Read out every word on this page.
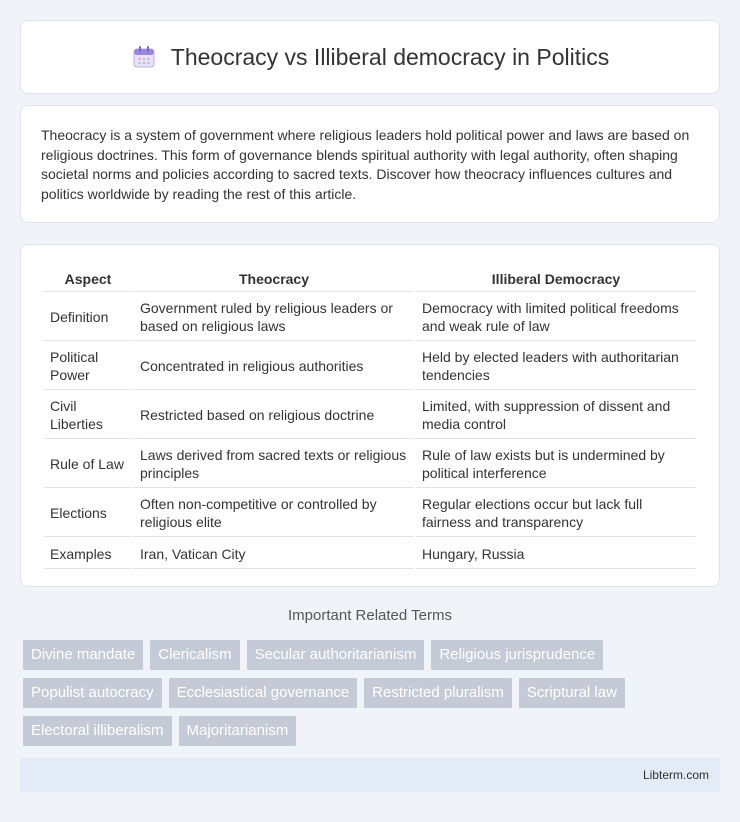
Theocracy vs Illiberal democracy in Politics

Theocracy is a system of government where religious leaders hold political power and laws are based on religious doctrines. This form of governance blends spiritual authority with legal authority, often shaping societal norms and policies according to sacred texts. Discover how theocracy influences cultures and politics worldwide by reading the rest of this article.

Aspect	Theocracy	Illiberal Democracy
Definition	Government ruled by religious leaders or based on religious laws	Democracy with limited political freedoms and weak rule of law
Political Power	Concentrated in religious authorities	Held by elected leaders with authoritarian tendencies
Civil Liberties	Restricted based on religious doctrine	Limited, with suppression of dissent and media control
Rule of Law	Laws derived from sacred texts or religious principles	Rule of law exists but is undermined by political interference
Elections	Often non-competitive or controlled by religious elite	Regular elections occur but lack full fairness and transparency
Examples	Iran, Vatican City	Hungary, Russia
Important Related Terms
Divine mandate	Clericalism	Secular authoritarianism	Religious jurisprudence
Populist autocracy	Ecclesiastical governance	Restricted pluralism	Scriptural law
Electoral illiberalism	Majoritarianism
Libterm.com
